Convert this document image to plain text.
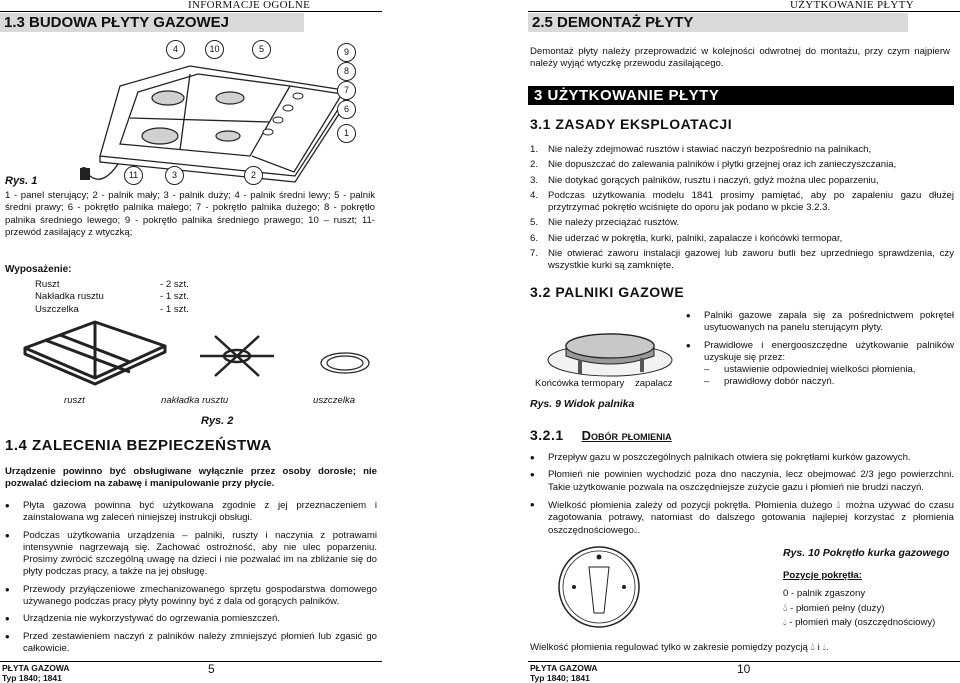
INFORMACJE OGÓLNE
1.3 BUDOWA PŁYTY GAZOWEJ
4	10	5	9
8
7
6
1
11	3	2
Rys. 1
1 - panel sterujący; 2 - palnik mały; 3 - palnik duży; 4 - palnik średni lewy; 5 - palnik średni prawy; 6 - pokrętło palnika małego; 7 - pokrętło palnika dużego; 8 - pokrętło palnika średniego lewego; 9 - pokrętło palnika średniego prawego; 10 – ruszt; 11- przewód zasilający z wtyczką;
Wyposażenie:
Ruszt	- 2 szt.
Nakładka rusztu	- 1 szt.
Uszczelka	- 1 szt.
ruszt	nakładka rusztu	uszczelka
Rys. 2
1.4 ZALECENIA BEZPIECZEŃSTWA
Urządzenie powinno być obsługiwane wyłącznie przez osoby dorosłe; nie pozwalać dzieciom na zabawę i manipulowanie przy płycie.
• Płyta gazowa powinna być użytkowana zgodnie z jej przeznaczeniem i zainstalowana wg zaleceń niniejszej instrukcji obsługi.
• Podczas użytkowania urządzenia – palniki, ruszty i naczynia z potrawami intensywnie nagrzewają się. Zachować ostrożność, aby nie ulec poparzeniu. Prosimy zwrócić szczególną uwagę na dzieci i nie pozwalać im na zbliżanie się do płyty podczas pracy, a także na jej obsługę.
• Przewody przyłączeniowe zmechanizowanego sprzętu gospodarstwa domowego używanego podczas pracy płyty powinny być z dala od gorących palników.
• Urządzenia nie wykorzystywać do ogrzewania pomieszczeń.
• Przed zestawieniem naczyń z palników należy zmniejszyć płomień lub zgasić go całkowicie.
PŁYTA GAZOWA
Typ 1840; 1841
5
UŻYTKOWANIE PŁYTY
2.5 DEMONTAŻ PŁYTY
Demontaż płyty należy przeprowadzić w kolejności odwrotnej do montażu, przy czym najpierw należy wyjąć wtyczkę przewodu zasilającego.
3 UŻYTKOWANIE PŁYTY
3.1 ZASADY EKSPLOATACJI
1.	Nie należy zdejmować rusztów i stawiać naczyń bezpośrednio na palnikach,
2.	Nie dopuszczać do zalewania palników i płytki grzejnej oraz ich zanieczyszczania,
3.	Nie dotykać gorących palników, rusztu i naczyń, gdyż można ulec poparzeniu,
4.	Podczas użytkowania modelu 1841 prosimy pamiętać, aby po zapaleniu gazu dłużej przytrzymać pokrętło wciśnięte do oporu jak podano w pkcie 3.2.3.
5.	Nie należy przeciążać rusztów.
6.	Nie uderzać w pokrętła, kurki, palniki, zapalacze i końcówki termopar,
7.	Nie otwierać zaworu instalacji gazowej lub zaworu butli bez uprzedniego sprawdzenia, czy wszystkie kurki są zamknięte.
3.2 PALNIKI GAZOWE
Końcówka termopary zapalacz
Rys. 9 Widok palnika
• Palniki gazowe zapala się za pośrednictwem pokręteł usytuowanych na panelu sterującym płyty.
• Prawidłowe i energooszczędne użytkowanie palników uzyskuje się przez:
–	ustawienie odpowiedniej wielkości płomienia,
–	prawidłowy dobór naczyń.
3.2.1 Dobór płomienia
• Przepływ gazu w poszczególnych palnikach otwiera się pokrętłami kurków gazowych.
• Płomień nie powinien wychodzić poza dno naczynia, lecz obejmować 2/3 jego powierzchni. Takie użytkowanie pozwala na oszczędniejsze zużycie gazu i płomień nie brudzi naczyń.
• Wielkość płomienia zależy od pozycji pokrętła. Płomienia dużego 💧︎ można używać do czasu zagotowania potrawy, natomiast do dalszego gotowania najlepiej korzystać z płomienia oszczędnościowego💧︎.
Rys. 10 Pokrętło kurka gazowego
Pozycje pokrętła:
0 - palnik zgaszony
💧︎ - płomień pełny (duży)
💧︎ - płomień mały (oszczędnościowy)
Wielkość płomienia regulować tylko w zakresie pomiędzy pozycją 💧︎ i 💧︎.
PŁYTA GAZOWA
Typ 1840; 1841
10
